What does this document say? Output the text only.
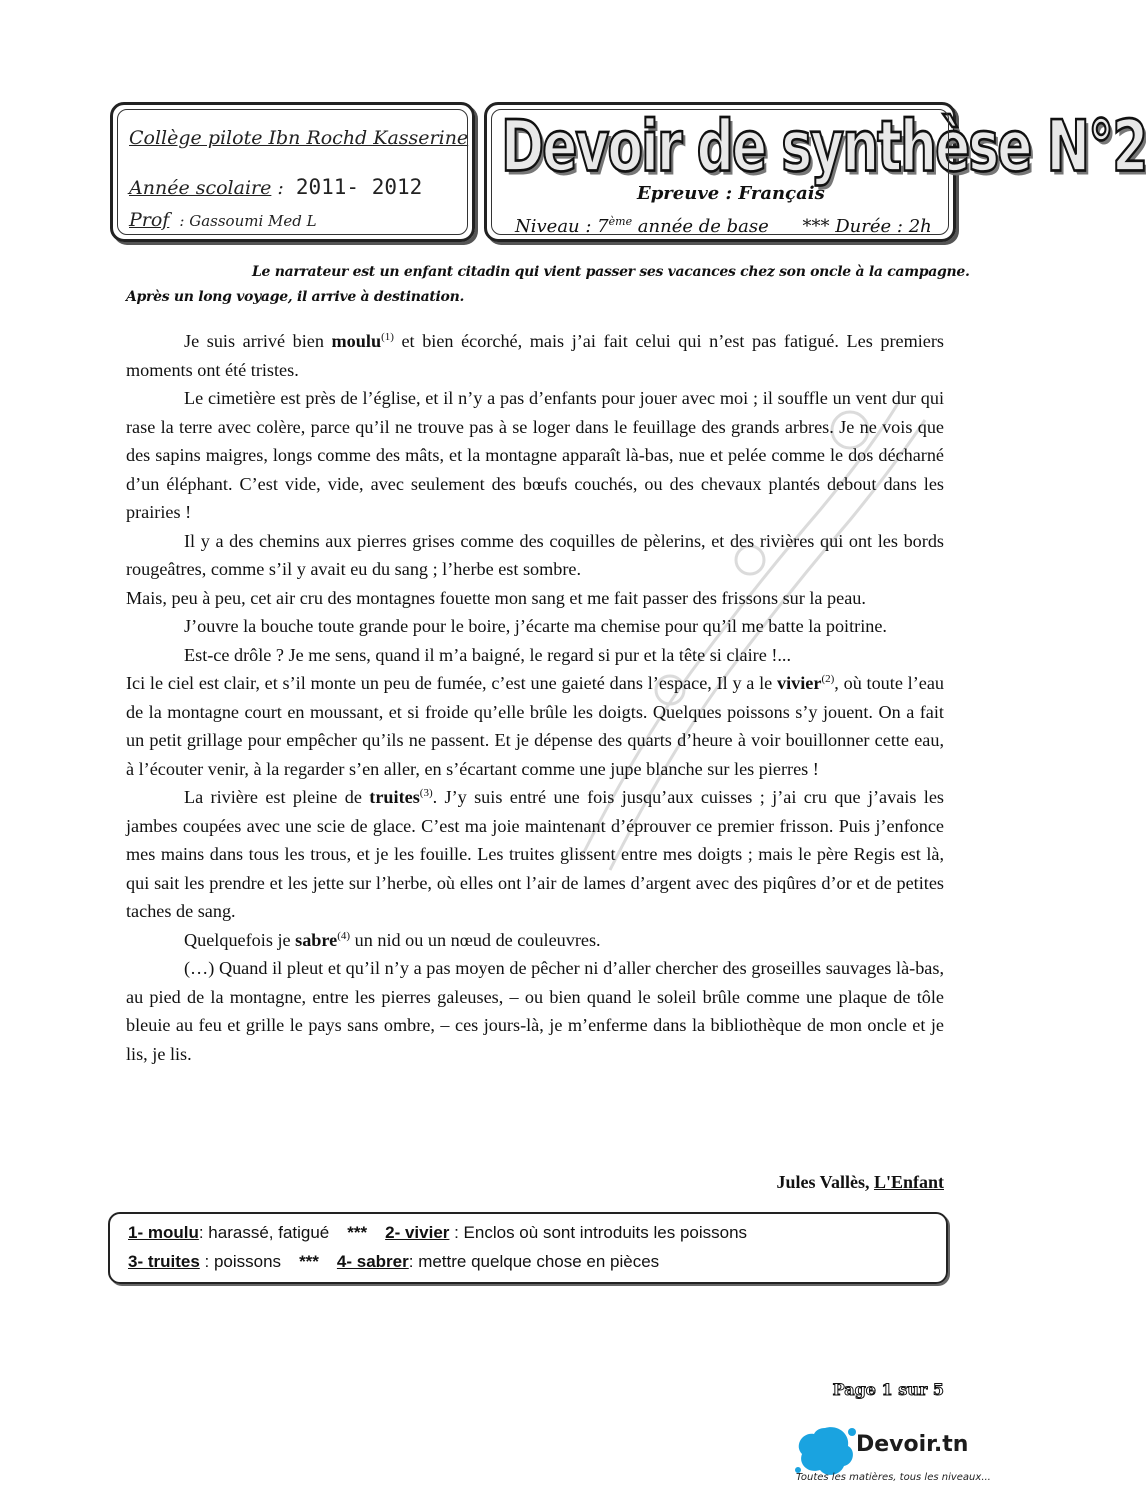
Collège pilote Ibn Rochd Kasserine
Année scolaire : 2011- 2012
Prof : Gassoumi Med L
Devoir de synthèse N°2
Epreuve : Français
Niveau : 7ème année de base *** Durée : 2h
Le narrateur est un enfant citadin qui vient passer ses vacances chez son oncle à la campagne.
Après un long voyage, il arrive à destination.

Je suis arrivé bien moulu$^{(1)}$ et bien écorché, mais j’ai fait celui qui n’est pas fatigué. Les premiers moments ont été tristes.

Le cimetière est près de l’église, et il n’y a pas d’enfants pour jouer avec moi ; il souffle un vent dur qui rase la terre avec colère, parce qu’il ne trouve pas à se loger dans le feuillage des grands arbres. Je ne vois que des sapins maigres, longs comme des mâts, et la montagne apparaît là-bas, nue et pelée comme le dos décharné d’un éléphant. C’est vide, vide, avec seulement des bœufs couchés, ou des chevaux plantés debout dans les prairies !

Il y a des chemins aux pierres grises comme des coquilles de pèlerins, et des rivières qui ont les bords rougeâtres, comme s’il y avait eu du sang ; l’herbe est sombre.

Mais, peu à peu, cet air cru des montagnes fouette mon sang et me fait passer des frissons sur la peau.

J’ouvre la bouche toute grande pour le boire, j’écarte ma chemise pour qu’il me batte la poitrine.

Est-ce drôle ? Je me sens, quand il m’a baigné, le regard si pur et la tête si claire !...

Ici le ciel est clair, et s’il monte un peu de fumée, c’est une gaieté dans l’espace, Il y a le vivier$^{(2)}$, où toute l’eau de la montagne court en moussant, et si froide qu’elle brûle les doigts. Quelques poissons s’y jouent. On a fait un petit grillage pour empêcher qu’ils ne passent. Et je dépense des quarts d’heure à voir bouillonner cette eau, à l’écouter venir, à la regarder s’en aller, en s’écartant comme une jupe blanche sur les pierres !

La rivière est pleine de truites$^{(3)}$. J’y suis entré une fois jusqu’aux cuisses ; j’ai cru que j’avais les jambes coupées avec une scie de glace. C’est ma joie maintenant d’éprouver ce premier frisson. Puis j’enfonce mes mains dans tous les trous, et je les fouille. Les truites glissent entre mes doigts ; mais le père Regis est là, qui sait les prendre et les jette sur l’herbe, où elles ont l’air de lames d’argent avec des piqûres d’or et de petites taches de sang.

Quelquefois je sabre$^{(4)}$ un nid ou un nœud de couleuvres.

(…) Quand il pleut et qu’il n’y a pas moyen de pêcher ni d’aller chercher des groseilles sauvages là-bas, au pied de la montagne, entre les pierres galeuses, – ou bien quand le soleil brûle comme une plaque de tôle bleuie au feu et grille le pays sans ombre, – ces jours-là, je m’enferme dans la bibliothèque de mon oncle et je lis, je lis.

Jules Vallès, L'Enfant
1- moulu: harassé, fatigué *** 2- vivier : Enclos où sont introduits les poissons
3- truites : poissons *** 4- sabrer: mettre quelque chose en pièces
Page 1 sur 5
Devoir.tn
Toutes les matières, tous les niveaux...
